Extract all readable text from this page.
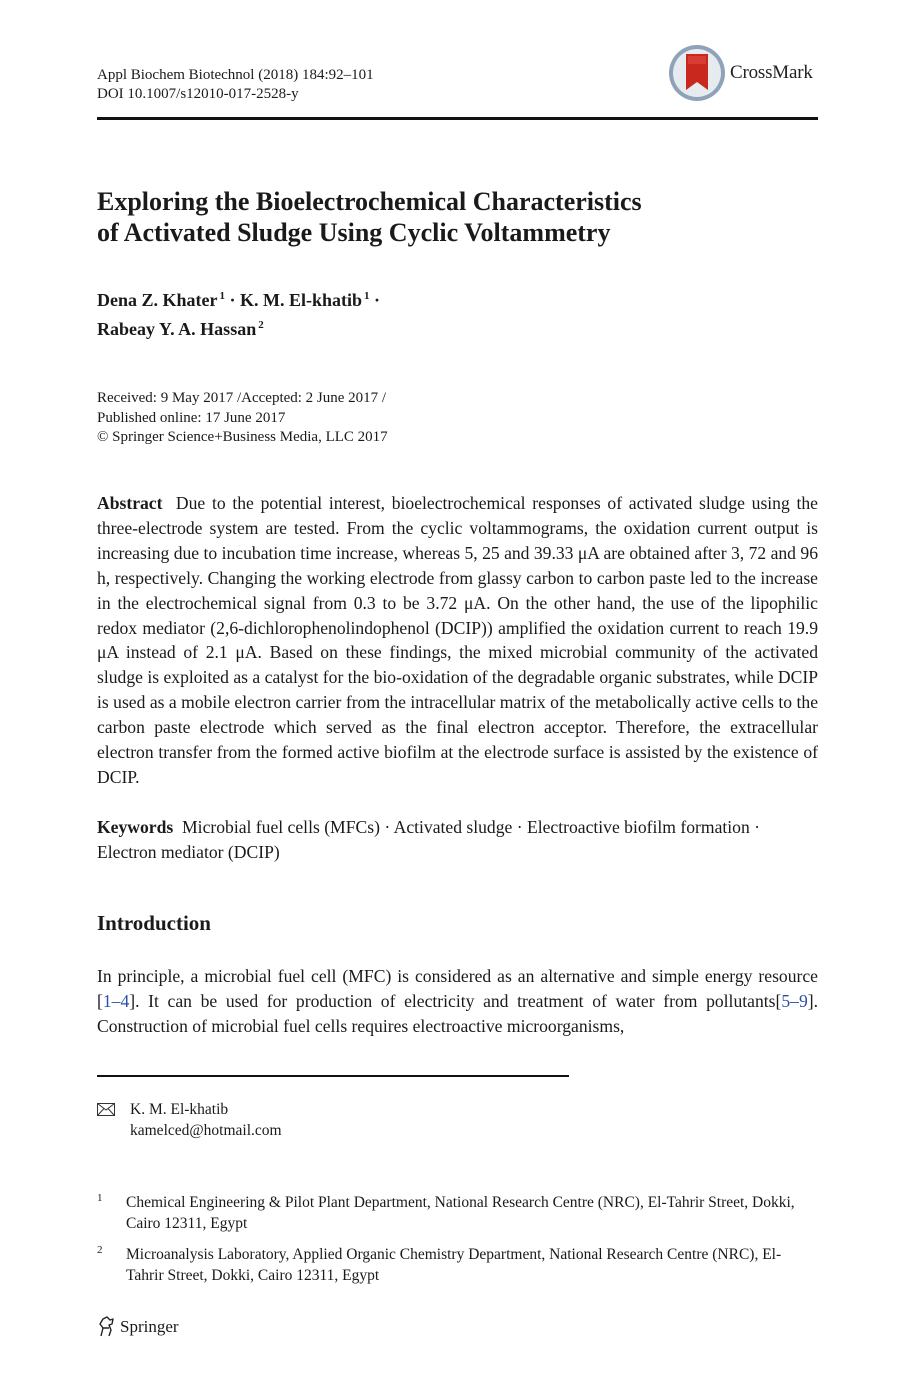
Appl Biochem Biotechnol (2018) 184:92–101
DOI 10.1007/s12010-017-2528-y
CrossMark
Exploring the Bioelectrochemical Characteristics
of Activated Sludge Using Cyclic Voltammetry
Dena Z. Khater $^1$ · K. M. El-khatib $^1$ ·
Rabeay Y. A. Hassan $^2$
Received: 9 May 2017 /Accepted: 2 June 2017 /
Published online: 17 June 2017
© Springer Science+Business Media, LLC 2017
Abstract Due to the potential interest, bioelectrochemical responses of activated sludge using the three-electrode system are tested. From the cyclic voltammograms, the oxidation current output is increasing due to incubation time increase, whereas 5, 25 and 39.33 μA are obtained after 3, 72 and 96 h, respectively. Changing the working electrode from glassy carbon to carbon paste led to the increase in the electrochemical signal from 0.3 to be 3.72 μA. On the other hand, the use of the lipophilic redox mediator (2,6-dichlorophenolindophenol (DCIP)) amplified the oxidation current to reach 19.9 μA instead of 2.1 μA. Based on these findings, the mixed microbial community of the activated sludge is exploited as a catalyst for the bio-oxidation of the degradable organic substrates, while DCIP is used as a mobile electron carrier from the intracellular matrix of the metabolically active cells to the carbon paste electrode which served as the final electron acceptor. Therefore, the extracellular electron transfer from the formed active biofilm at the electrode surface is assisted by the existence of DCIP.
Keywords Microbial fuel cells (MFCs) · Activated sludge · Electroactive biofilm formation · Electron mediator (DCIP)
Introduction
In principle, a microbial fuel cell (MFC) is considered as an alternative and simple energy resource [1–4]. It can be used for production of electricity and treatment of water from pollutants[5–9]. Construction of microbial fuel cells requires electroactive microorganisms,
K. M. El-khatib
kamelced@hotmail.com
1 Chemical Engineering & Pilot Plant Department, National Research Centre (NRC), El-Tahrir Street, Dokki, Cairo 12311, Egypt
2 Microanalysis Laboratory, Applied Organic Chemistry Department, National Research Centre (NRC), El-Tahrir Street, Dokki, Cairo 12311, Egypt
Springer
